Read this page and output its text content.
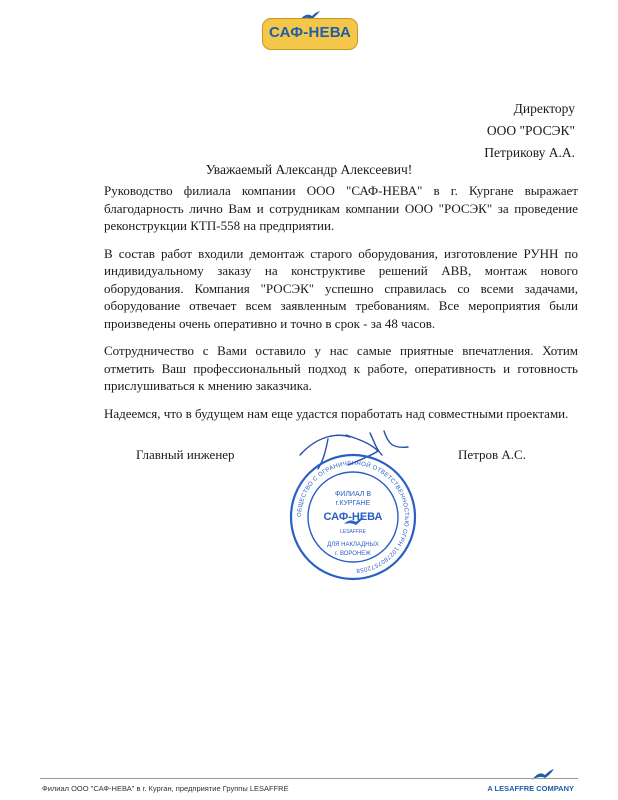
САФ-НЕВА
Директору
ООО "РОСЭК"
Петрикову А.А.
Уважаемый Александр Алексеевич!

Руководство филиала компании ООО "САФ-НЕВА" в г. Кургане выражает благодарность лично Вам и сотрудникам компании ООО "РОСЭК" за проведение реконструкции КТП-558 на предприятии.

В состав работ входили демонтаж старого оборудования, изготовление РУНН по индивидуальному заказу на конструктиве решений АВВ, монтаж нового оборудования. Компания "РОСЭК" успешно справилась со всеми задачами, оборудование отвечает всем заявленным требованиям. Все мероприятия были произведены очень оперативно и точно в срок - за 48 часов.

Сотрудничество с Вами оставило у нас самые приятные впечатления. Хотим отметить Ваш профессиональный подход к работе, оперативность и готовность прислушиваться к мнению заказчика.

Надеемся, что в будущем нам еще удастся поработать над совместными проектами.

Главный инженер	Петров А.С.
ОБЩЕСТВО С ОГРАНИЧЕННОЙ ОТВЕТСТВЕННОСТЬЮ ОГРН 1027807572058
ФИЛИАЛ В
г.КУРГАНЕ
САФ-НЕВА
LESAFFRE
ДЛЯ НАКЛАДНЫХ
г. ВОРОНЕЖ
Филиал ООО "САФ-НЕВА" в г. Курган, предприятие Группы LESAFFRE	A LESAFFRE COMPANY
